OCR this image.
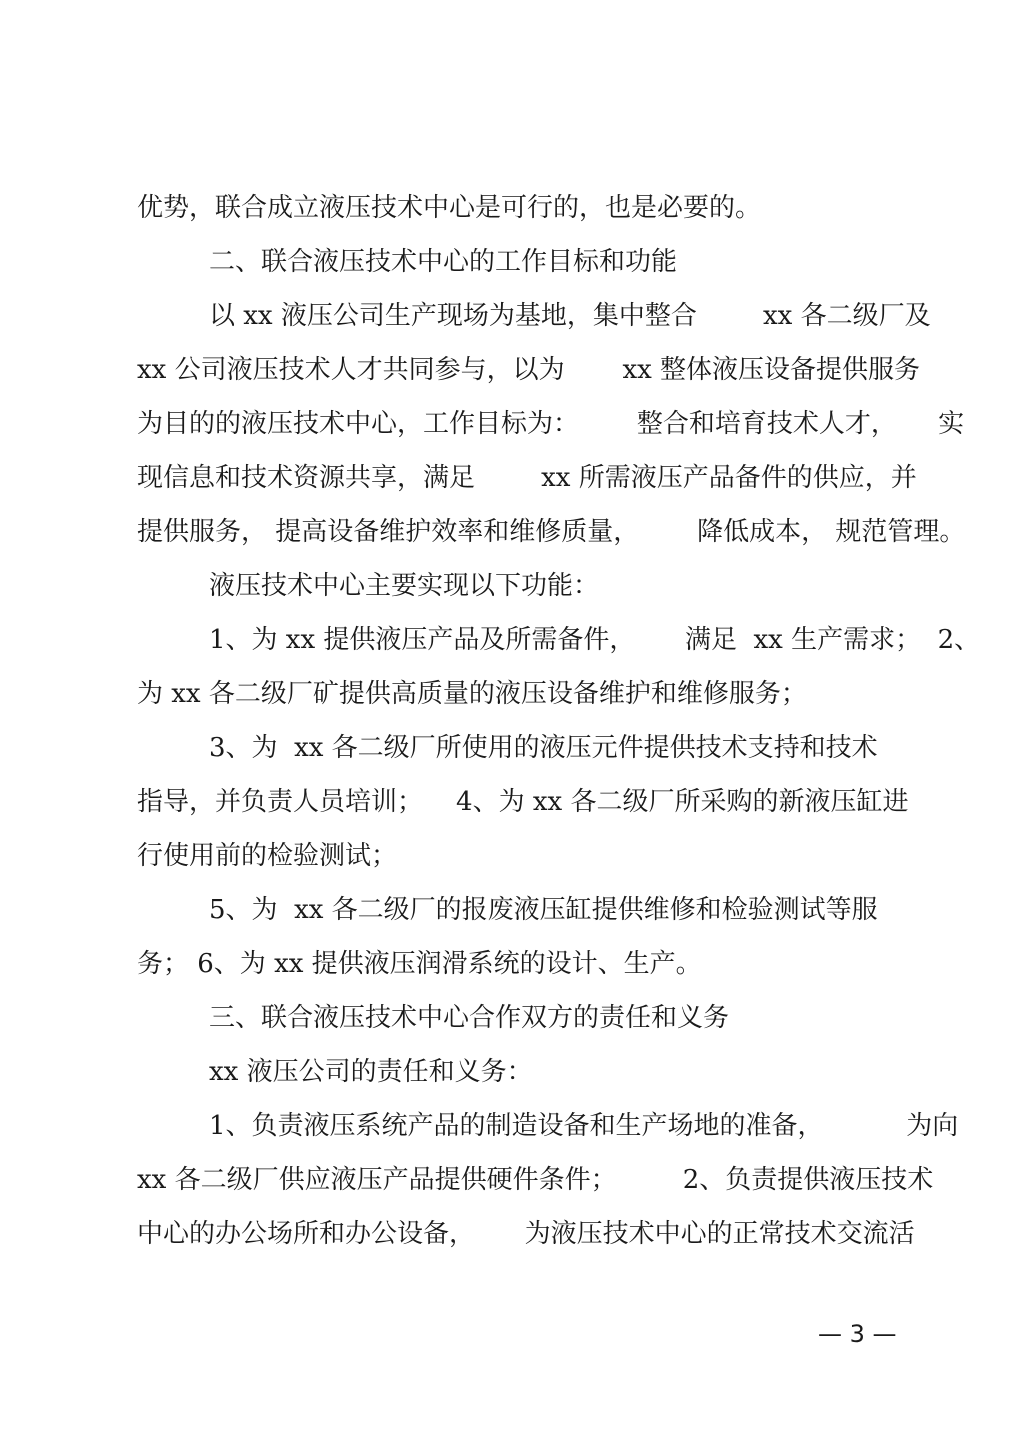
优势，联合成立液压技术中心是可行的，也是必要的。

二、联合液压技术中心的工作目标和功能

以 xx 液压公司生产现场为基地，集中整合        xx 各二级厂及

xx 公司液压技术人才共同参与，以为       xx 整体液压设备提供服务

为目的的液压技术中心，工作目标为：       整合和培育技术人才，     实

现信息和技术资源共享，满足        xx 所需液压产品备件的供应，并

提供服务， 提高设备维护效率和维修质量，       降低成本， 规范管理。

液压技术中心主要实现以下功能：

1、为 xx 提供液压产品及所需备件，      满足  xx 生产需求；  2、

为 xx 各二级厂矿提供高质量的液压设备维护和维修服务；

3、为  xx 各二级厂所使用的液压元件提供技术支持和技术

指导，并负责人员培训；    4、为 xx 各二级厂所采购的新液压缸进

行使用前的检验测试；

5、为  xx 各二级厂的报废液压缸提供维修和检验测试等服

务； 6、为 xx 提供液压润滑系统的设计、生产。

三、联合液压技术中心合作双方的责任和义务

xx 液压公司的责任和义务：

1、负责液压系统产品的制造设备和生产场地的准备，          为向

xx 各二级厂供应液压产品提供硬件条件；        2、负责提供液压技术

中心的办公场所和办公设备，      为液压技术中心的正常技术交流活

— 3 —
